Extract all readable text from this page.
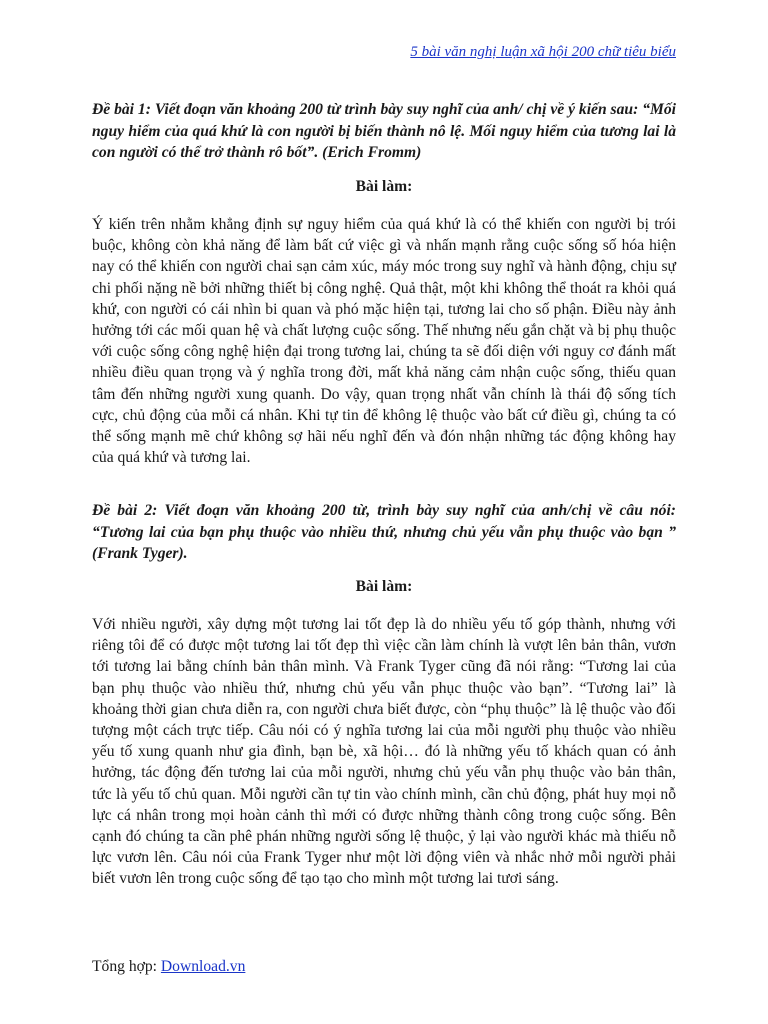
5 bài văn nghị luận xã hội 200 chữ tiêu biểu

Đề bài 1: Viết đoạn văn khoảng 200 từ trình bày suy nghĩ của anh/ chị về ý kiến sau: “Mối nguy hiểm của quá khứ là con người bị biến thành nô lệ. Mối nguy hiểm của tương lai là con người có thể trở thành rô bốt”. (Erich Fromm)

Bài làm:

Ý kiến trên nhằm khẳng định sự nguy hiểm của quá khứ là có thể khiến con người bị trói buộc, không còn khả năng để làm bất cứ việc gì và nhấn mạnh rằng cuộc sống số hóa hiện nay có thể khiến con người chai sạn cảm xúc, máy móc trong suy nghĩ và hành động, chịu sự chi phối nặng nề bởi những thiết bị công nghệ. Quả thật, một khi không thể thoát ra khỏi quá khứ, con người có cái nhìn bi quan và phó mặc hiện tại, tương lai cho số phận. Điều này ảnh hưởng tới các mối quan hệ và chất lượng cuộc sống. Thế nhưng nếu gắn chặt và bị phụ thuộc với cuộc sống công nghệ hiện đại trong tương lai, chúng ta sẽ đối diện với nguy cơ đánh mất nhiều điều quan trọng và ý nghĩa trong đời, mất khả năng cảm nhận cuộc sống, thiếu quan tâm đến những người xung quanh. Do vậy, quan trọng nhất vẫn chính là thái độ sống tích cực, chủ động của mỗi cá nhân. Khi tự tin để không lệ thuộc vào bất cứ điều gì, chúng ta có thể sống mạnh mẽ chứ không sợ hãi nếu nghĩ đến và đón nhận những tác động không hay của quá khứ và tương lai.

Đề bài 2: Viết đoạn văn khoảng 200 từ, trình bày suy nghĩ của anh/chị về câu nói: “Tương lai của bạn phụ thuộc vào nhiều thứ, nhưng chủ yếu vẫn phụ thuộc vào bạn ” (Frank Tyger).

Bài làm:

Với nhiều người, xây dựng một tương lai tốt đẹp là do nhiều yếu tố góp thành, nhưng với riêng tôi để có được một tương lai tốt đẹp thì việc cần làm chính là vượt lên bản thân, vươn tới tương lai bằng chính bản thân mình. Và Frank Tyger cũng đã nói rằng: “Tương lai của bạn phụ thuộc vào nhiều thứ, nhưng chủ yếu vẫn phục thuộc vào bạn”. “Tương lai” là khoảng thời gian chưa diễn ra, con người chưa biết được, còn “phụ thuộc” là lệ thuộc vào đối tượng một cách trực tiếp. Câu nói có ý nghĩa tương lai của mỗi người phụ thuộc vào nhiều yếu tố xung quanh như gia đình, bạn bè, xã hội… đó là những yếu tố khách quan có ảnh hưởng, tác động đến tương lai của mỗi người, nhưng chủ yếu vẫn phụ thuộc vào bản thân, tức là yếu tố chủ quan. Mỗi người cần tự tin vào chính mình, cần chủ động, phát huy mọi nỗ lực cá nhân trong mọi hoàn cảnh thì mới có được những thành công trong cuộc sống. Bên cạnh đó chúng ta cần phê phán những người sống lệ thuộc, ỷ lại vào người khác mà thiếu nỗ lực vươn lên. Câu nói của Frank Tyger như một lời động viên và nhắc nhở mỗi người phải biết vươn lên trong cuộc sống để tạo tạo cho mình một tương lai tươi sáng.

Tổng hợp: Download.vn
